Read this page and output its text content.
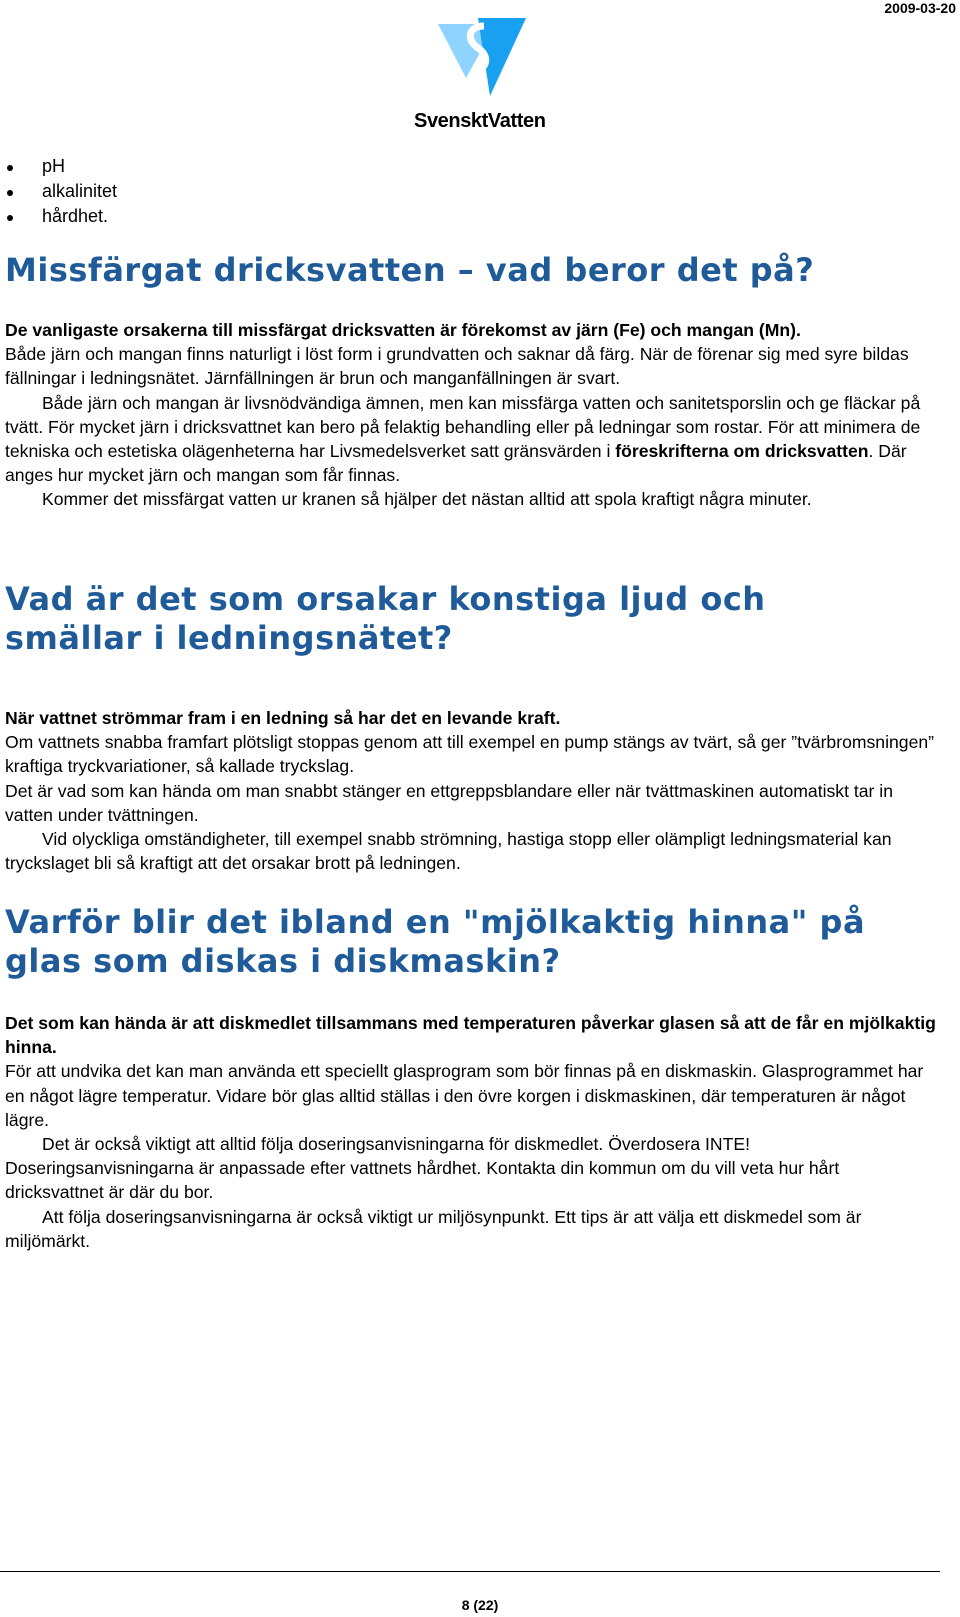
2009-03-20
SvensktVatten
pH
alkalinitet
hårdhet.
Missfärgat dricksvatten – vad beror det på?

De vanligaste orsakerna till missfärgat dricksvatten är förekomst av järn (Fe) och mangan (Mn).

Både järn och mangan finns naturligt i löst form i grundvatten och saknar då färg. När de förenar sig med syre bildas fällningar i ledningsnätet. Järnfällningen är brun och manganfällningen är svart.

Både järn och mangan är livsnödvändiga ämnen, men kan missfärga vatten och sanitetsporslin och ge fläckar på tvätt. För mycket järn i dricksvattnet kan bero på felaktig behandling eller på ledningar som rostar. För att minimera de tekniska och estetiska olägenheterna har Livsmedelsverket satt gränsvärden i föreskrifterna om dricksvatten. Där anges hur mycket järn och mangan som får finnas.

Kommer det missfärgat vatten ur kranen så hjälper det nästan alltid att spola kraftigt några minuter.

Vad är det som orsakar konstiga ljud och smällar i ledningsnätet?

När vattnet strömmar fram i en ledning så har det en levande kraft.

Om vattnets snabba framfart plötsligt stoppas genom att till exempel en pump stängs av tvärt, så ger ”tvärbromsningen” kraftiga tryckvariationer, så kallade tryckslag.

Det är vad som kan hända om man snabbt stänger en ettgreppsblandare eller när tvättmaskinen automatiskt tar in vatten under tvättningen.

Vid olyckliga omständigheter, till exempel snabb strömning, hastiga stopp eller olämpligt ledningsmaterial kan tryckslaget bli så kraftigt att det orsakar brott på ledningen.

Varför blir det ibland en "mjölkaktig hinna" på glas som diskas i diskmaskin?

Det som kan hända är att diskmedlet tillsammans med temperaturen påverkar glasen så att de får en mjölkaktig hinna.

För att undvika det kan man använda ett speciellt glasprogram som bör finnas på en diskmaskin. Glasprogrammet har en något lägre temperatur. Vidare bör glas alltid ställas i den övre korgen i diskmaskinen, där temperaturen är något lägre.

Det är också viktigt att alltid följa doseringsanvisningarna för diskmedlet. Överdosera INTE! Doseringsanvisningarna är anpassade efter vattnets hårdhet. Kontakta din kommun om du vill veta hur hårt dricksvattnet är där du bor.

Att följa doseringsanvisningarna är också viktigt ur miljösynpunkt. Ett tips är att välja ett diskmedel som är miljömärkt.

8 (22)
